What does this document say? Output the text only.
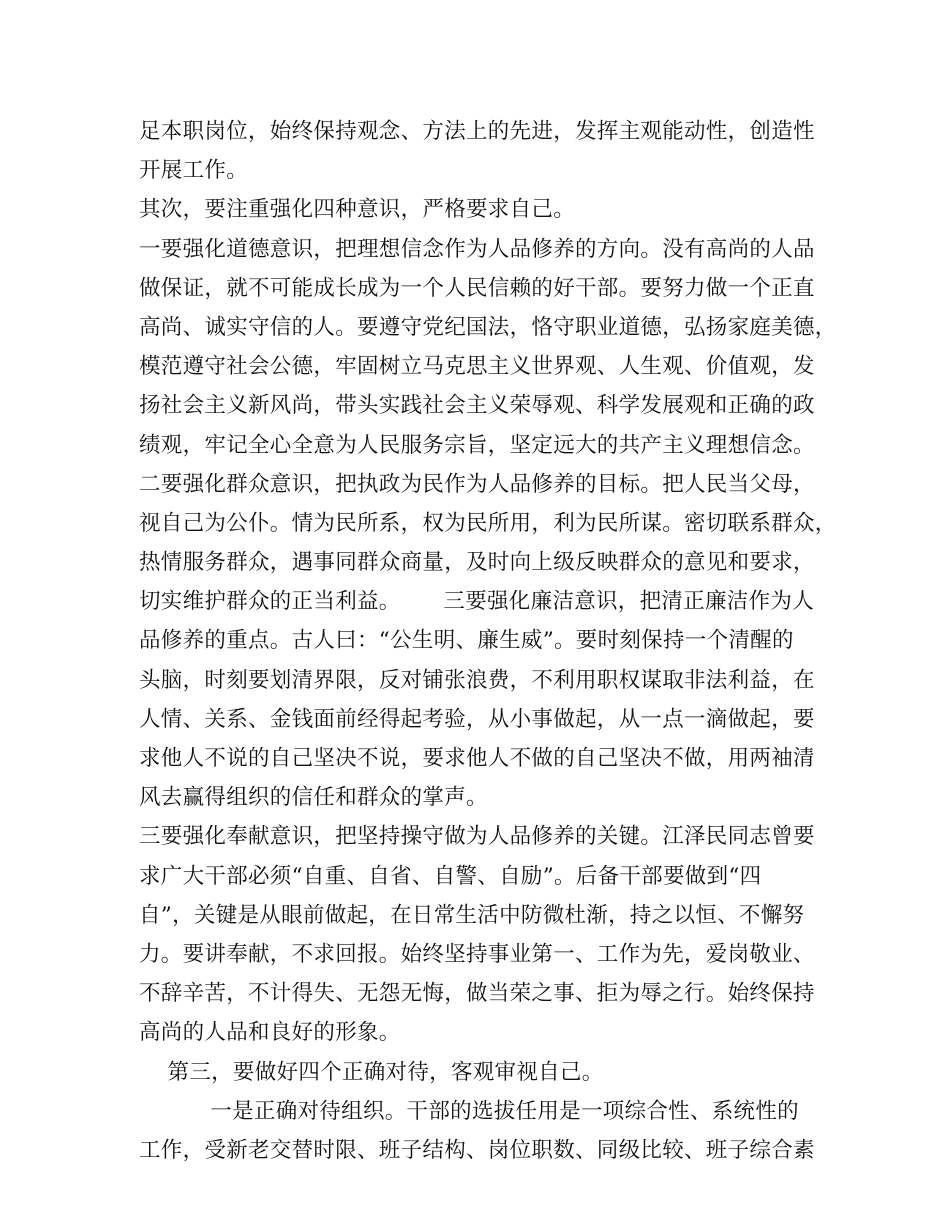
足本职岗位，始终保持观念、方法上的先进，发挥主观能动性，创造性
开展工作。
其次，要注重强化四种意识，严格要求自己。
一要强化道德意识，把理想信念作为人品修养的方向。没有高尚的人品
做保证，就不可能成长成为一个人民信赖的好干部。要努力做一个正直
高尚、诚实守信的人。要遵守党纪国法，恪守职业道德，弘扬家庭美德，
模范遵守社会公德，牢固树立马克思主义世界观、人生观、价值观，发
扬社会主义新风尚，带头实践社会主义荣辱观、科学发展观和正确的政
绩观，牢记全心全意为人民服务宗旨，坚定远大的共产主义理想信念。
二要强化群众意识，把执政为民作为人品修养的目标。把人民当父母，
视自己为公仆。情为民所系，权为民所用，利为民所谋。密切联系群众，
热情服务群众，遇事同群众商量，及时向上级反映群众的意见和要求，
切实维护群众的正当利益。      三要强化廉洁意识，把清正廉洁作为人
品修养的重点。古人曰：“公生明、廉生威”。要时刻保持一个清醒的
头脑，时刻要划清界限，反对铺张浪费，不利用职权谋取非法利益，在
人情、关系、金钱面前经得起考验，从小事做起，从一点一滴做起，要
求他人不说的自己坚决不说，要求他人不做的自己坚决不做，用两袖清
风去赢得组织的信任和群众的掌声。
三要强化奉献意识，把坚持操守做为人品修养的关键。江泽民同志曾要
求广大干部必须“自重、自省、自警、自励”。后备干部要做到“四
自”，关键是从眼前做起，在日常生活中防微杜渐，持之以恒、不懈努
力。要讲奉献，不求回报。始终坚持事业第一、工作为先，爱岗敬业、
不辞辛苦，不计得失、无怨无悔，做当荣之事、拒为辱之行。始终保持
高尚的人品和良好的形象。
第三，要做好四个正确对待，客观审视自己。
一是正确对待组织。干部的选拔任用是一项综合性、系统性的
工作，受新老交替时限、班子结构、岗位职数、同级比较、班子综合素
